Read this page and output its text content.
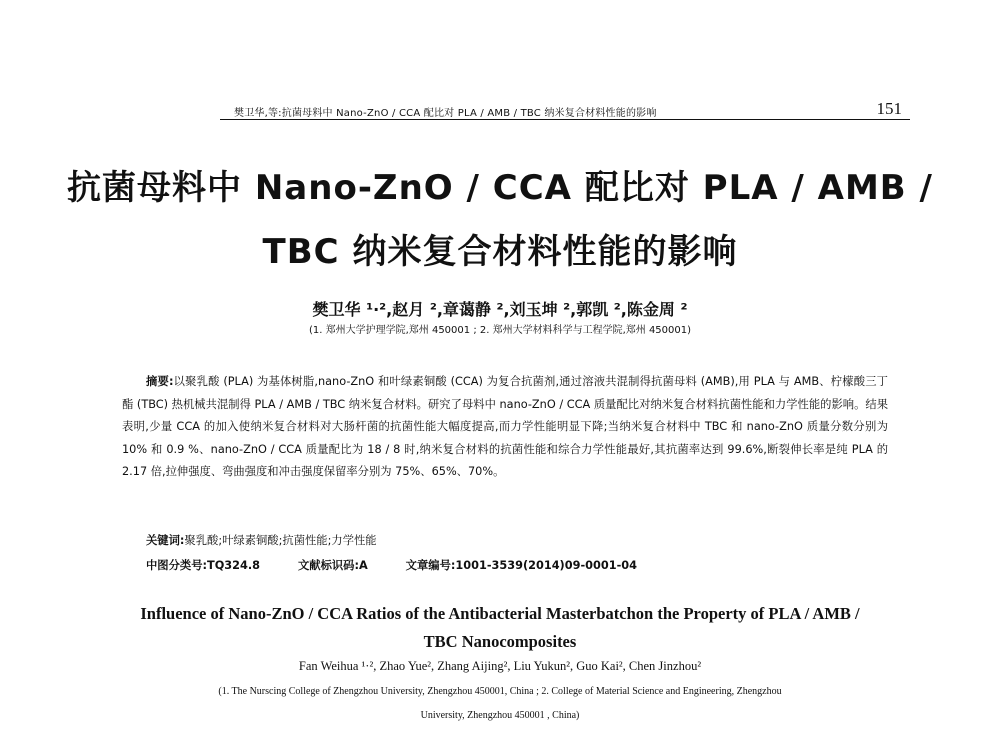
樊卫华,等:抗菌母料中 Nano-ZnO / CCA 配比对 PLA / AMB / TBC 纳米复合材料性能的影响	151
抗菌母料中 Nano-ZnO / CCA 配比对 PLA / AMB /
TBC 纳米复合材料性能的影响
樊卫华 ¹·²,赵月 ²,章蔼静 ²,刘玉坤 ²,郭凯 ²,陈金周 ²
(1. 郑州大学护理学院,郑州 450001 ; 2. 郑州大学材料科学与工程学院,郑州 450001)
摘要:以聚乳酸 (PLA) 为基体树脂,nano-ZnO 和叶绿素铜酸 (CCA) 为复合抗菌剂,通过溶液共混制得抗菌母料 (AMB),用 PLA 与 AMB、柠檬酸三丁酯 (TBC) 热机械共混制得 PLA / AMB / TBC 纳米复合材料。研究了母料中 nano-ZnO / CCA 质量配比对纳米复合材料抗菌性能和力学性能的影响。结果表明,少量 CCA 的加入使纳米复合材料对大肠杆菌的抗菌性能大幅度提高,而力学性能明显下降;当纳米复合材料中 TBC 和 nano-ZnO 质量分数分别为 10% 和 0.9 %、nano-ZnO / CCA 质量配比为 18 / 8 时,纳米复合材料的抗菌性能和综合力学性能最好,其抗菌率达到 99.6%,断裂伸长率是纯 PLA 的 2.17 倍,拉伸强度、弯曲强度和冲击强度保留率分别为 75%、65%、70%。
关键词:聚乳酸;叶绿素铜酸;抗菌性能;力学性能
中图分类号:TQ324.8	文献标识码:A	文章编号:1001-3539(2014)09-0001-04
Influence of Nano-ZnO / CCA Ratios of the Antibacterial Masterbatchon the Property of PLA / AMB /
TBC Nanocomposites
Fan Weihua ¹·², Zhao Yue², Zhang Aijing², Liu Yukun², Guo Kai², Chen Jinzhou²
(1. The Nurscing College of Zhengzhou University, Zhengzhou 450001, China ; 2. College of Material Science and Engineering, Zhengzhou
University, Zhengzhou 450001 , China)
